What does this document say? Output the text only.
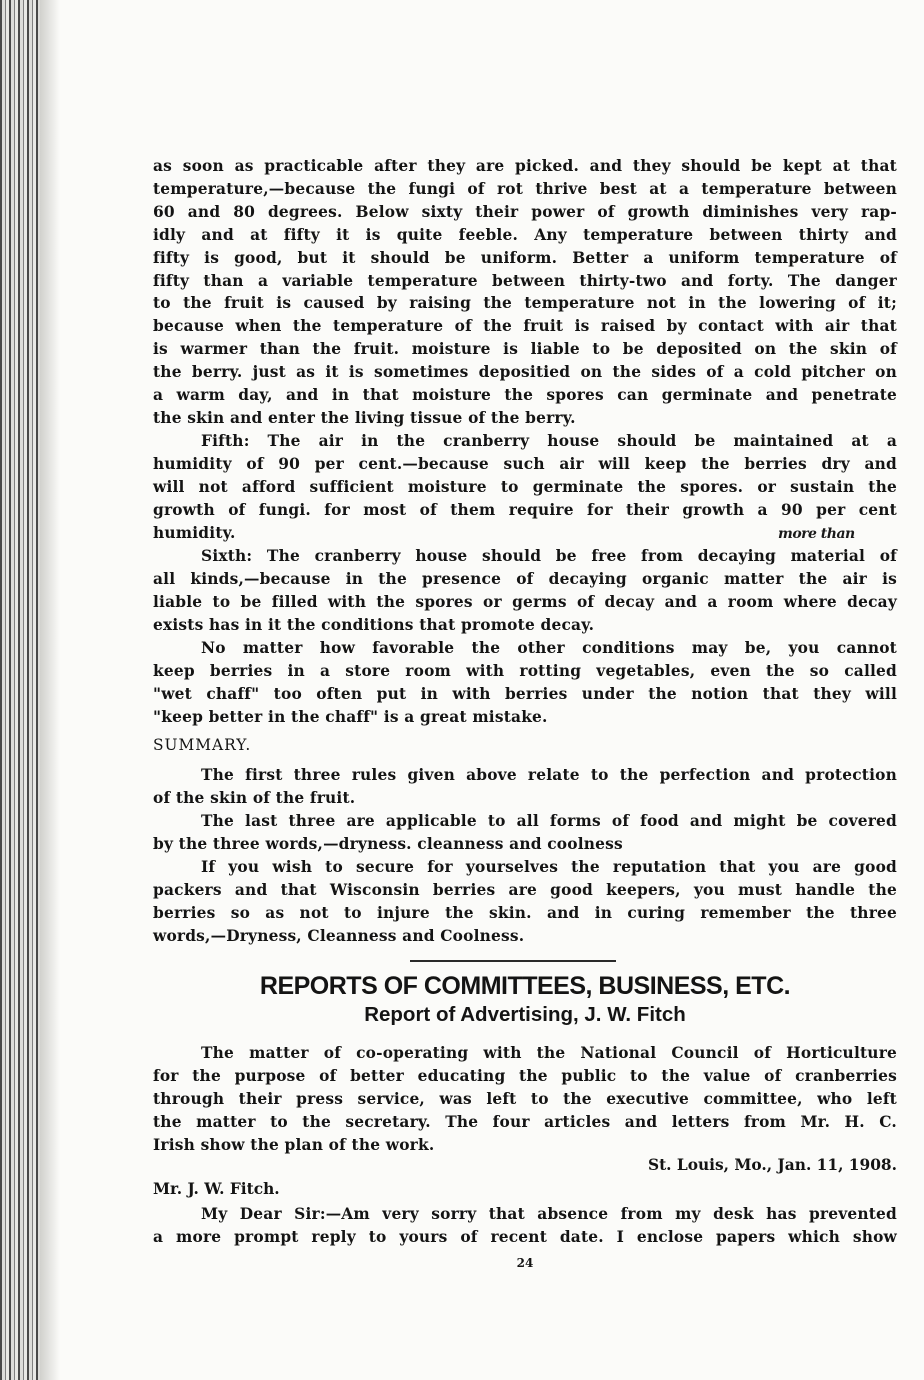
as soon as practicable after they are picked. and they should be kept at that

temperature,—because the fungi of rot thrive best at a temperature between

60 and 80 degrees. Below sixty their power of growth diminishes very rap-

idly and at fifty it is quite feeble. Any temperature between thirty and

fifty is good, but it should be uniform. Better a uniform temperature of

fifty than a variable temperature between thirty-two and forty. The danger

to the fruit is caused by raising the temperature not in the lowering of it;

because when the temperature of the fruit is raised by contact with air that

is warmer than the fruit. moisture is liable to be deposited on the skin of

the berry. just as it is sometimes depositied on the sides of a cold pitcher on

a warm day, and in that moisture the spores can germinate and penetrate

the skin and enter the living tissue of the berry.

Fifth: The air in the cranberry house should be maintained at a

humidity of 90 per cent.—because such air will keep the berries dry and

will not afford sufficient moisture to germinate the spores. or sustain the

growth of fungi. for most of them require for their growth a 90 per cent

humidity.	more than

Sixth: The cranberry house should be free from decaying material of

all kinds,—because in the presence of decaying organic matter the air is

liable to be filled with the spores or germs of decay and a room where decay

exists has in it the conditions that promote decay.

No matter how favorable the other conditions may be, you cannot

keep berries in a store room with rotting vegetables, even the so called

"wet chaff" too often put in with berries under the notion that they will

"keep better in the chaff" is a great mistake.

SUMMARY.

The first three rules given above relate to the perfection and protection

of the skin of the fruit.

The last three are applicable to all forms of food and might be covered

by the three words,—dryness. cleanness and coolness

If you wish to secure for yourselves the reputation that you are good

packers and that Wisconsin berries are good keepers, you must handle the

berries so as not to injure the skin. and in curing remember the three

words,—Dryness, Cleanness and Coolness.

REPORTS OF COMMITTEES, BUSINESS, ETC.
Report of Advertising, J. W. Fitch

The matter of co-operating with the National Council of Horticulture

for the purpose of better educating the public to the value of cranberries

through their press service, was left to the executive committee, who left

the matter to the secretary. The four articles and letters from Mr. H. C.

Irish show the plan of the work.

St. Louis, Mo., Jan. 11, 1908.
Mr. J. W. Fitch.

My Dear Sir:—Am very sorry that absence from my desk has prevented

a more prompt reply to yours of recent date. I enclose papers which show

24
